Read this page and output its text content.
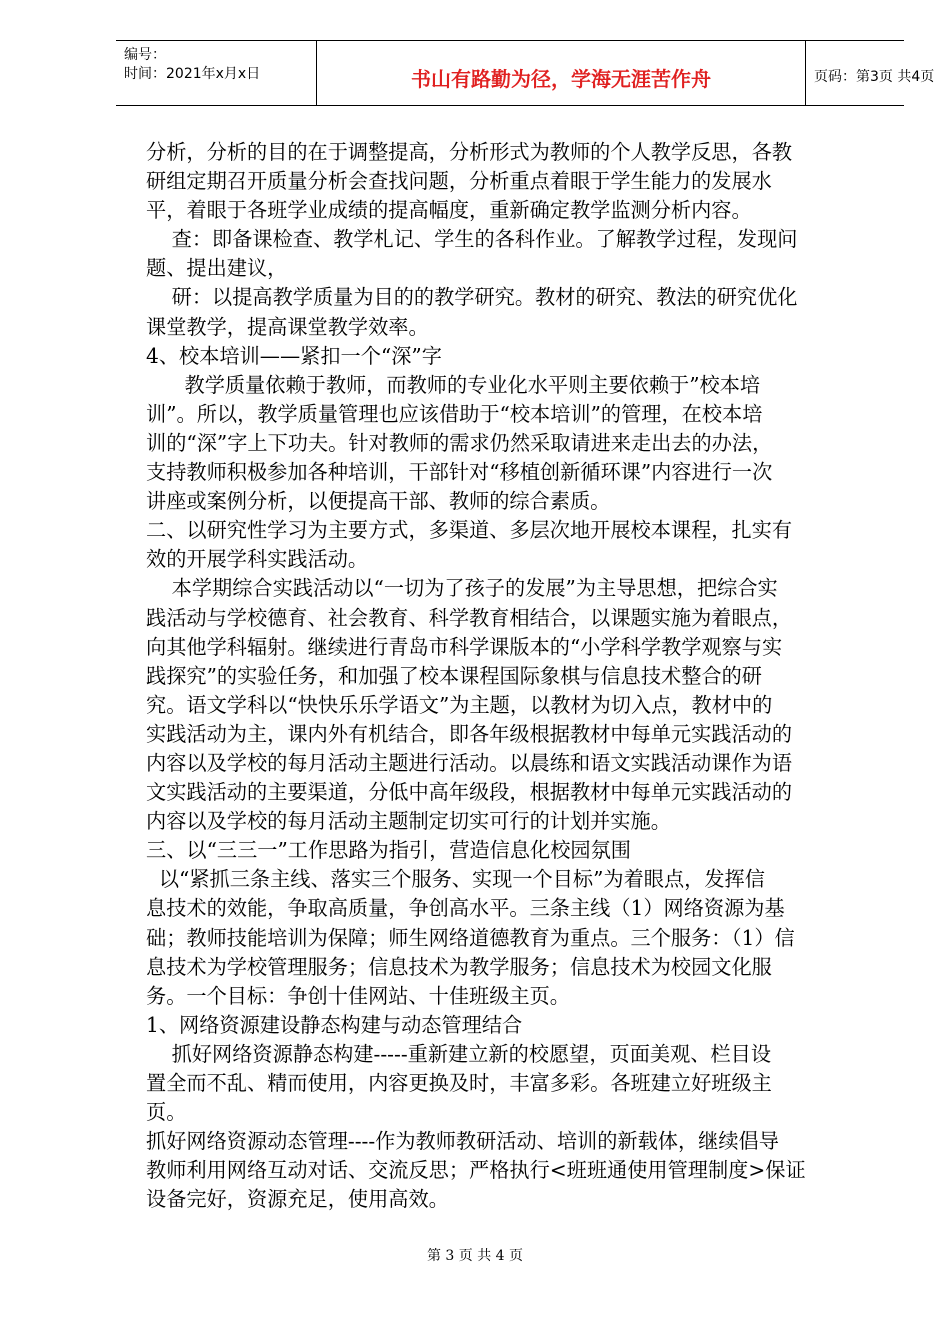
编号：
时间：2021年x月x日	书山有路勤为径，学海无涯苦作舟	页码：第3页 共4页

分析，分析的目的在于调整提高，分析形式为教师的个人教学反思，各教

研组定期召开质量分析会查找问题，分析重点着眼于学生能力的发展水

平，着眼于各班学业成绩的提高幅度，重新确定教学监测分析内容。

查：即备课检查、教学札记、学生的各科作业。了解教学过程，发现问

题、提出建议，

研：以提高教学质量为目的的教学研究。教材的研究、教法的研究优化

课堂教学，提高课堂教学效率。

4、校本培训——紧扣一个“深”字

教学质量依赖于教师，而教师的专业化水平则主要依赖于”校本培

训”。所以，教学质量管理也应该借助于“校本培训”的管理，在校本培

训的“深”字上下功夫。针对教师的需求仍然采取请进来走出去的办法，

支持教师积极参加各种培训，干部针对“移植创新循环课”内容进行一次

讲座或案例分析，以便提高干部、教师的综合素质。

二、以研究性学习为主要方式，多渠道、多层次地开展校本课程，扎实有

效的开展学科实践活动。

本学期综合实践活动以“一切为了孩子的发展”为主导思想，把综合实

践活动与学校德育、社会教育、科学教育相结合，以课题实施为着眼点，

向其他学科辐射。继续进行青岛市科学课版本的“小学科学教学观察与实

践探究”的实验任务，和加强了校本课程国际象棋与信息技术整合的研

究。语文学科以“快快乐乐学语文”为主题，以教材为切入点，教材中的

实践活动为主，课内外有机结合，即各年级根据教材中每单元实践活动的

内容以及学校的每月活动主题进行活动。以晨练和语文实践活动课作为语

文实践活动的主要渠道，分低中高年级段，根据教材中每单元实践活动的

内容以及学校的每月活动主题制定切实可行的计划并实施。

三、以“三三一”工作思路为指引，营造信息化校园氛围

以“紧抓三条主线、落实三个服务、实现一个目标”为着眼点，发挥信

息技术的效能，争取高质量，争创高水平。三条主线（1）网络资源为基

础；教师技能培训为保障；师生网络道德教育为重点。三个服务：（1）信

息技术为学校管理服务；信息技术为教学服务；信息技术为校园文化服

务。一个目标：争创十佳网站、十佳班级主页。

1、网络资源建设静态构建与动态管理结合

抓好网络资源静态构建-----重新建立新的校愿望，页面美观、栏目设

置全而不乱、精而使用，内容更换及时，丰富多彩。各班建立好班级主

页。

抓好网络资源动态管理----作为教师教研活动、培训的新载体，继续倡导

教师利用网络互动对话、交流反思；严格执行<班班通使用管理制度>保证

设备完好，资源充足，使用高效。

第 3 页 共 4 页
